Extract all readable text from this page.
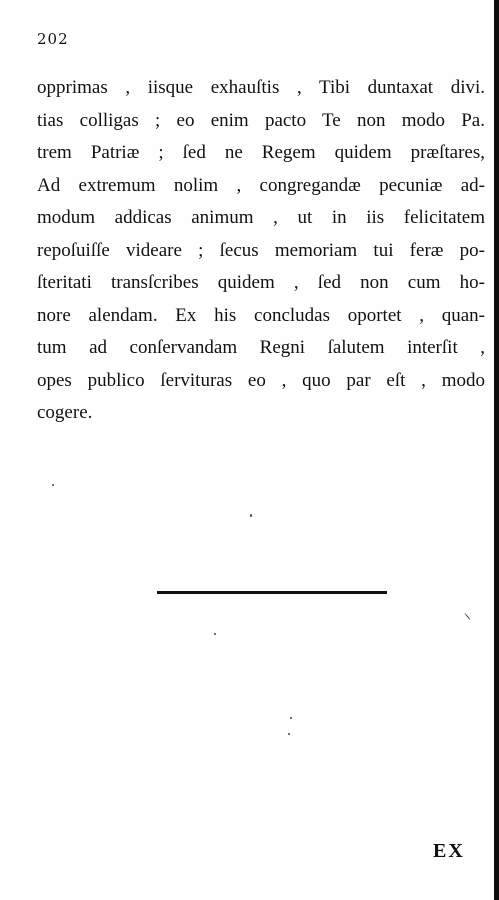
202
opprimas , iisque exhauſtis , Tibi duntaxat divi.
tias colligas ; eo enim pacto Te non modo Pa.
trem Patriæ ; ſed ne Regem quidem præſtares,
Ad extremum nolim , congregandæ pecuniæ ad-
modum addicas animum , ut in iis felicitatem
repoſuiſſe videare ; ſecus memoriam tui feræ po-
ſteritati transſcribes quidem , ſed non cum ho-
nore alendam. Ex his concludas oportet , quan-
tum ad conſervandam Regni ſalutem interſit ,
opes publico ſervituras eo , quo par eſt , modo
cogere.
EX
